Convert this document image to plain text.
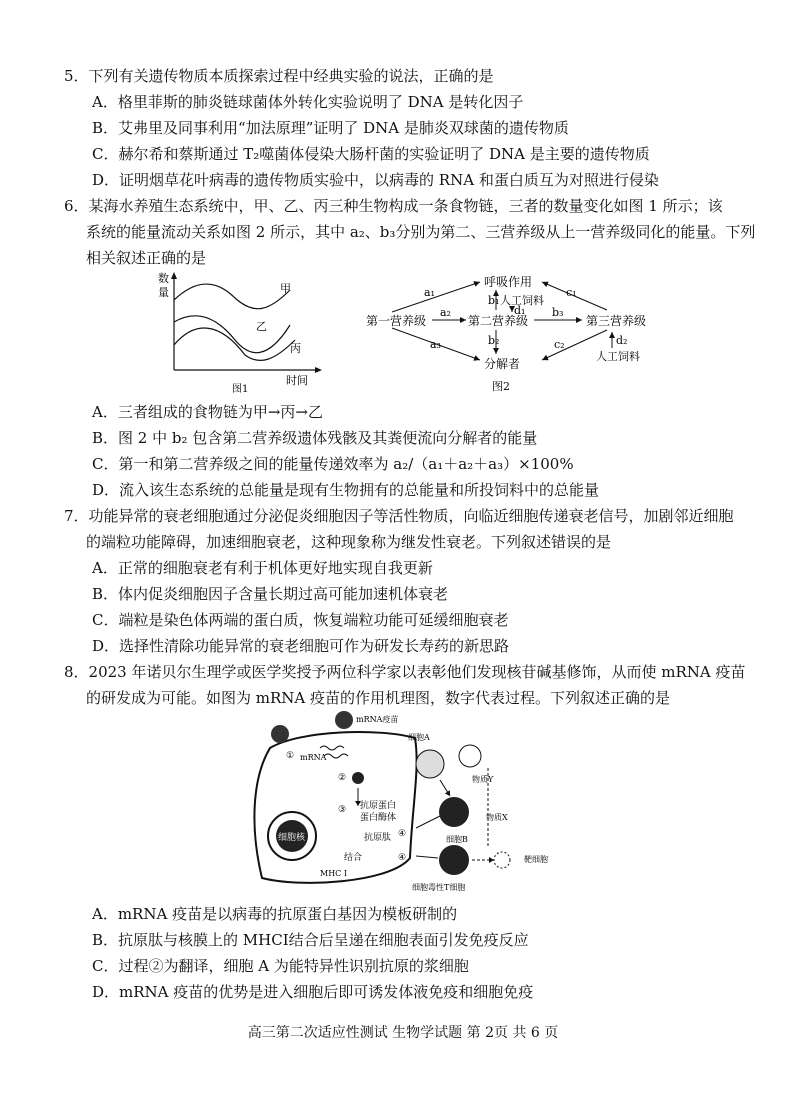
5．下列有关遗传物质本质探索过程中经典实验的说法，正确的是
A．格里菲斯的肺炎链球菌体外转化实验说明了 DNA 是转化因子
B．艾弗里及同事利用“加法原理”证明了 DNA 是肺炎双球菌的遗传物质
C．赫尔希和蔡斯通过 T₂噬菌体侵染大肠杆菌的实验证明了 DNA 是主要的遗传物质
D．证明烟草花叶病毒的遗传物质实验中，以病毒的 RNA 和蛋白质互为对照进行侵染
6．某海水养殖生态系统中，甲、乙、丙三种生物构成一条食物链，三者的数量变化如图 1 所示；该
系统的能量流动关系如图 2 所示，其中 a₂、b₃分别为第二、三营养级从上一营养级同化的能量。下列
相关叙述正确的是
数
量
时间
图1
甲
乙
丙
第一营养级	第二营养级	第三营养级
呼吸作用
分解者
人工饲料
人工饲料
a₁
a₂
a₃
b₁
b₂
b₃
c₁
c₂
d₁
d₂
图2
A．三者组成的食物链为甲→丙→乙
B．图 2 中 b₂ 包含第二营养级遗体残骸及其粪便流向分解者的能量
C．第一和第二营养级之间的能量传递效率为 a₂/（a₁＋a₂＋a₃）×100%
D．流入该生态系统的总能量是现有生物拥有的总能量和所投饲料中的总能量
7．功能异常的衰老细胞通过分泌促炎细胞因子等活性物质，向临近细胞传递衰老信号，加剧邻近细胞
的端粒功能障碍，加速细胞衰老，这种现象称为继发性衰老。下列叙述错误的是
A．正常的细胞衰老有利于机体更好地实现自我更新
B．体内促炎细胞因子含量长期过高可能加速机体衰老
C．端粒是染色体两端的蛋白质，恢复端粒功能可延缓细胞衰老
D．选择性清除功能异常的衰老细胞可作为研发长寿药的新思路
8．2023 年诺贝尔生理学或医学奖授予两位科学家以表彰他们发现核苷碱基修饰，从而使 mRNA 疫苗
的研发成为可能。如图为 mRNA 疫苗的作用机理图，数字代表过程。下列叙述正确的是
mRNA疫苗
① mRNA
②
③ 抗原蛋白
蛋白酶体
抗原肽
细胞核
MHC I
结合
④
④
细胞A
物质Y
细胞B
物质X
细胞毒性T细胞
靶细胞
A．mRNA 疫苗是以病毒的抗原蛋白基因为模板研制的
B．抗原肽与核膜上的 MHCI结合后呈递在细胞表面引发免疫反应
C．过程②为翻译，细胞 A 为能特异性识别抗原的浆细胞
D．mRNA 疫苗的优势是进入细胞后即可诱发体液免疫和细胞免疫
高三第二次适应性测试 生物学试题 第 2页 共 6 页
